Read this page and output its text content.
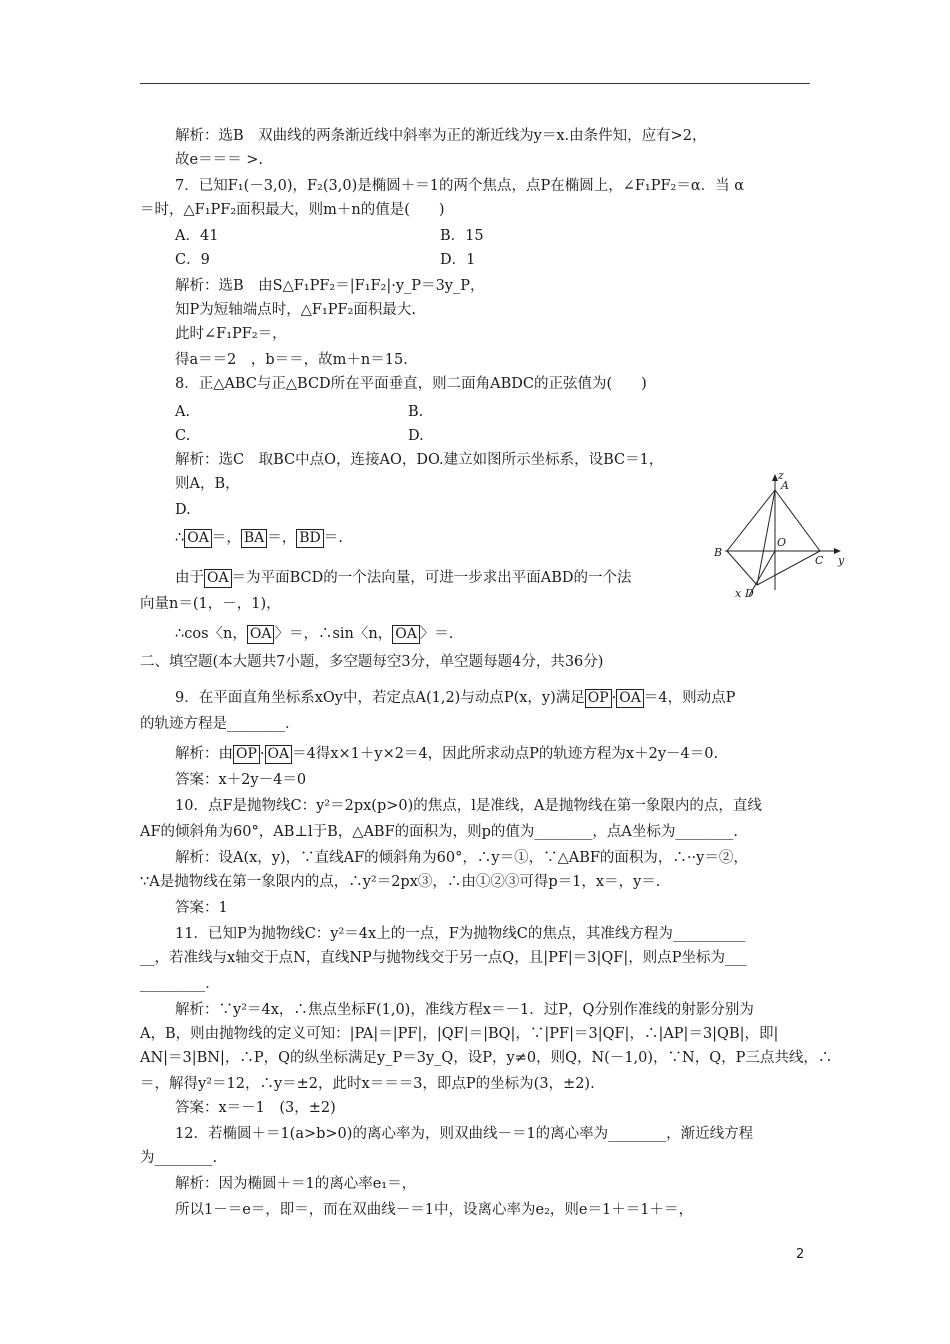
解析：选B　双曲线的两条渐近线中斜率为正的渐近线为y＝x.由条件知，应有>2，
故e＝＝＝ >.
7．已知F₁(－3,0)，F₂(3,0)是椭圆＋＝1的两个焦点，点P在椭圆上，∠F₁PF₂＝α．当 α
＝时，△F₁PF₂面积最大，则m＋n的值是(　　)
解析：选B　由S△F₁PF₂＝|F₁F₂|·y_P＝3y_P，
知P为短轴端点时，△F₁PF₂面积最大.
此时∠F₁PF₂＝，
得a＝＝2　，b＝＝，故m＋n＝15.
8．正△ABC与正△BCD所在平面垂直，则二面角ABDC的正弦值为(　　)
解析：选C　取BC中点O，连接AO，DO.建立如图所示坐标系，设BC＝1，
则A，B，
D.
向量n＝(1，－，1)，
二、填空题(本大题共7小题，多空题每空3分，单空题每题4分，共36分)
的轨迹方程是________．
答案：x＋2y－4＝0
10．点F是抛物线C：y²＝2px(p>0)的焦点，l是准线，A是抛物线在第一象限内的点，直线
AF的倾斜角为60°，AB⊥l于B，△ABF的面积为，则p的值为________，点A坐标为________.
解析：设A(x，y)，∵直线AF的倾斜角为60°，∴y＝①，∵△ABF的面积为，∴··y＝②，
∵A是抛物线在第一象限内的点，∴y²＝2px③，∴由①②③可得p＝1，x＝，y＝.
答案：1
11．已知P为抛物线C：y²＝4x上的一点，F为抛物线C的焦点，其准线方程为__________
__，若准线与x轴交于点N，直线NP与抛物线交于另一点Q，且|PF|＝3|QF|，则点P坐标为___
_________．
解析：∵y²＝4x，∴焦点坐标F(1,0)，准线方程x＝－1．过P，Q分别作准线的射影分别为
A，B，则由抛物线的定义可知：|PA|＝|PF|，|QF|＝|BQ|，∵|PF|＝3|QF|，∴|AP|＝3|QB|，即|
AN|＝3|BN|，∴P，Q的纵坐标满足y_P＝3y_Q，设P，y≠0，则Q，N(－1,0)，∵N，Q，P三点共线，∴
＝，解得y²＝12，∴y＝±2，此时x＝＝＝3，即点P的坐标为(3，±2).
答案：x＝－1　(3，±2)
12．若椭圆＋＝1(a>b>0)的离心率为，则双曲线－＝1的离心率为________，渐近线方程
为________.
解析：因为椭圆＋＝1的离心率e₁＝，
所以1－＝e＝，即＝，而在双曲线－＝1中，设离心率为e₂，则e＝1＋＝1＋＝，
A．41	B．15
C．9	D．1
A.	B.
C.	D.
∴ OA ＝， BA ＝， BD ＝.
由于 OA ＝为平面BCD的一个法向量，可进一步求出平面ABD的一个法
∴cos〈n， OA 〉＝，∴sin〈n， OA 〉＝.
9．在平面直角坐标系xOy中，若定点A(1,2)与动点P(x，y)满足 OP · OA ＝4，则动点P
解析：由 OP · OA ＝4得x×1＋y×2＝4，因此所求动点P的轨迹方程为x＋2y－4＝0.
z
A
B
O
C y
x D
2
